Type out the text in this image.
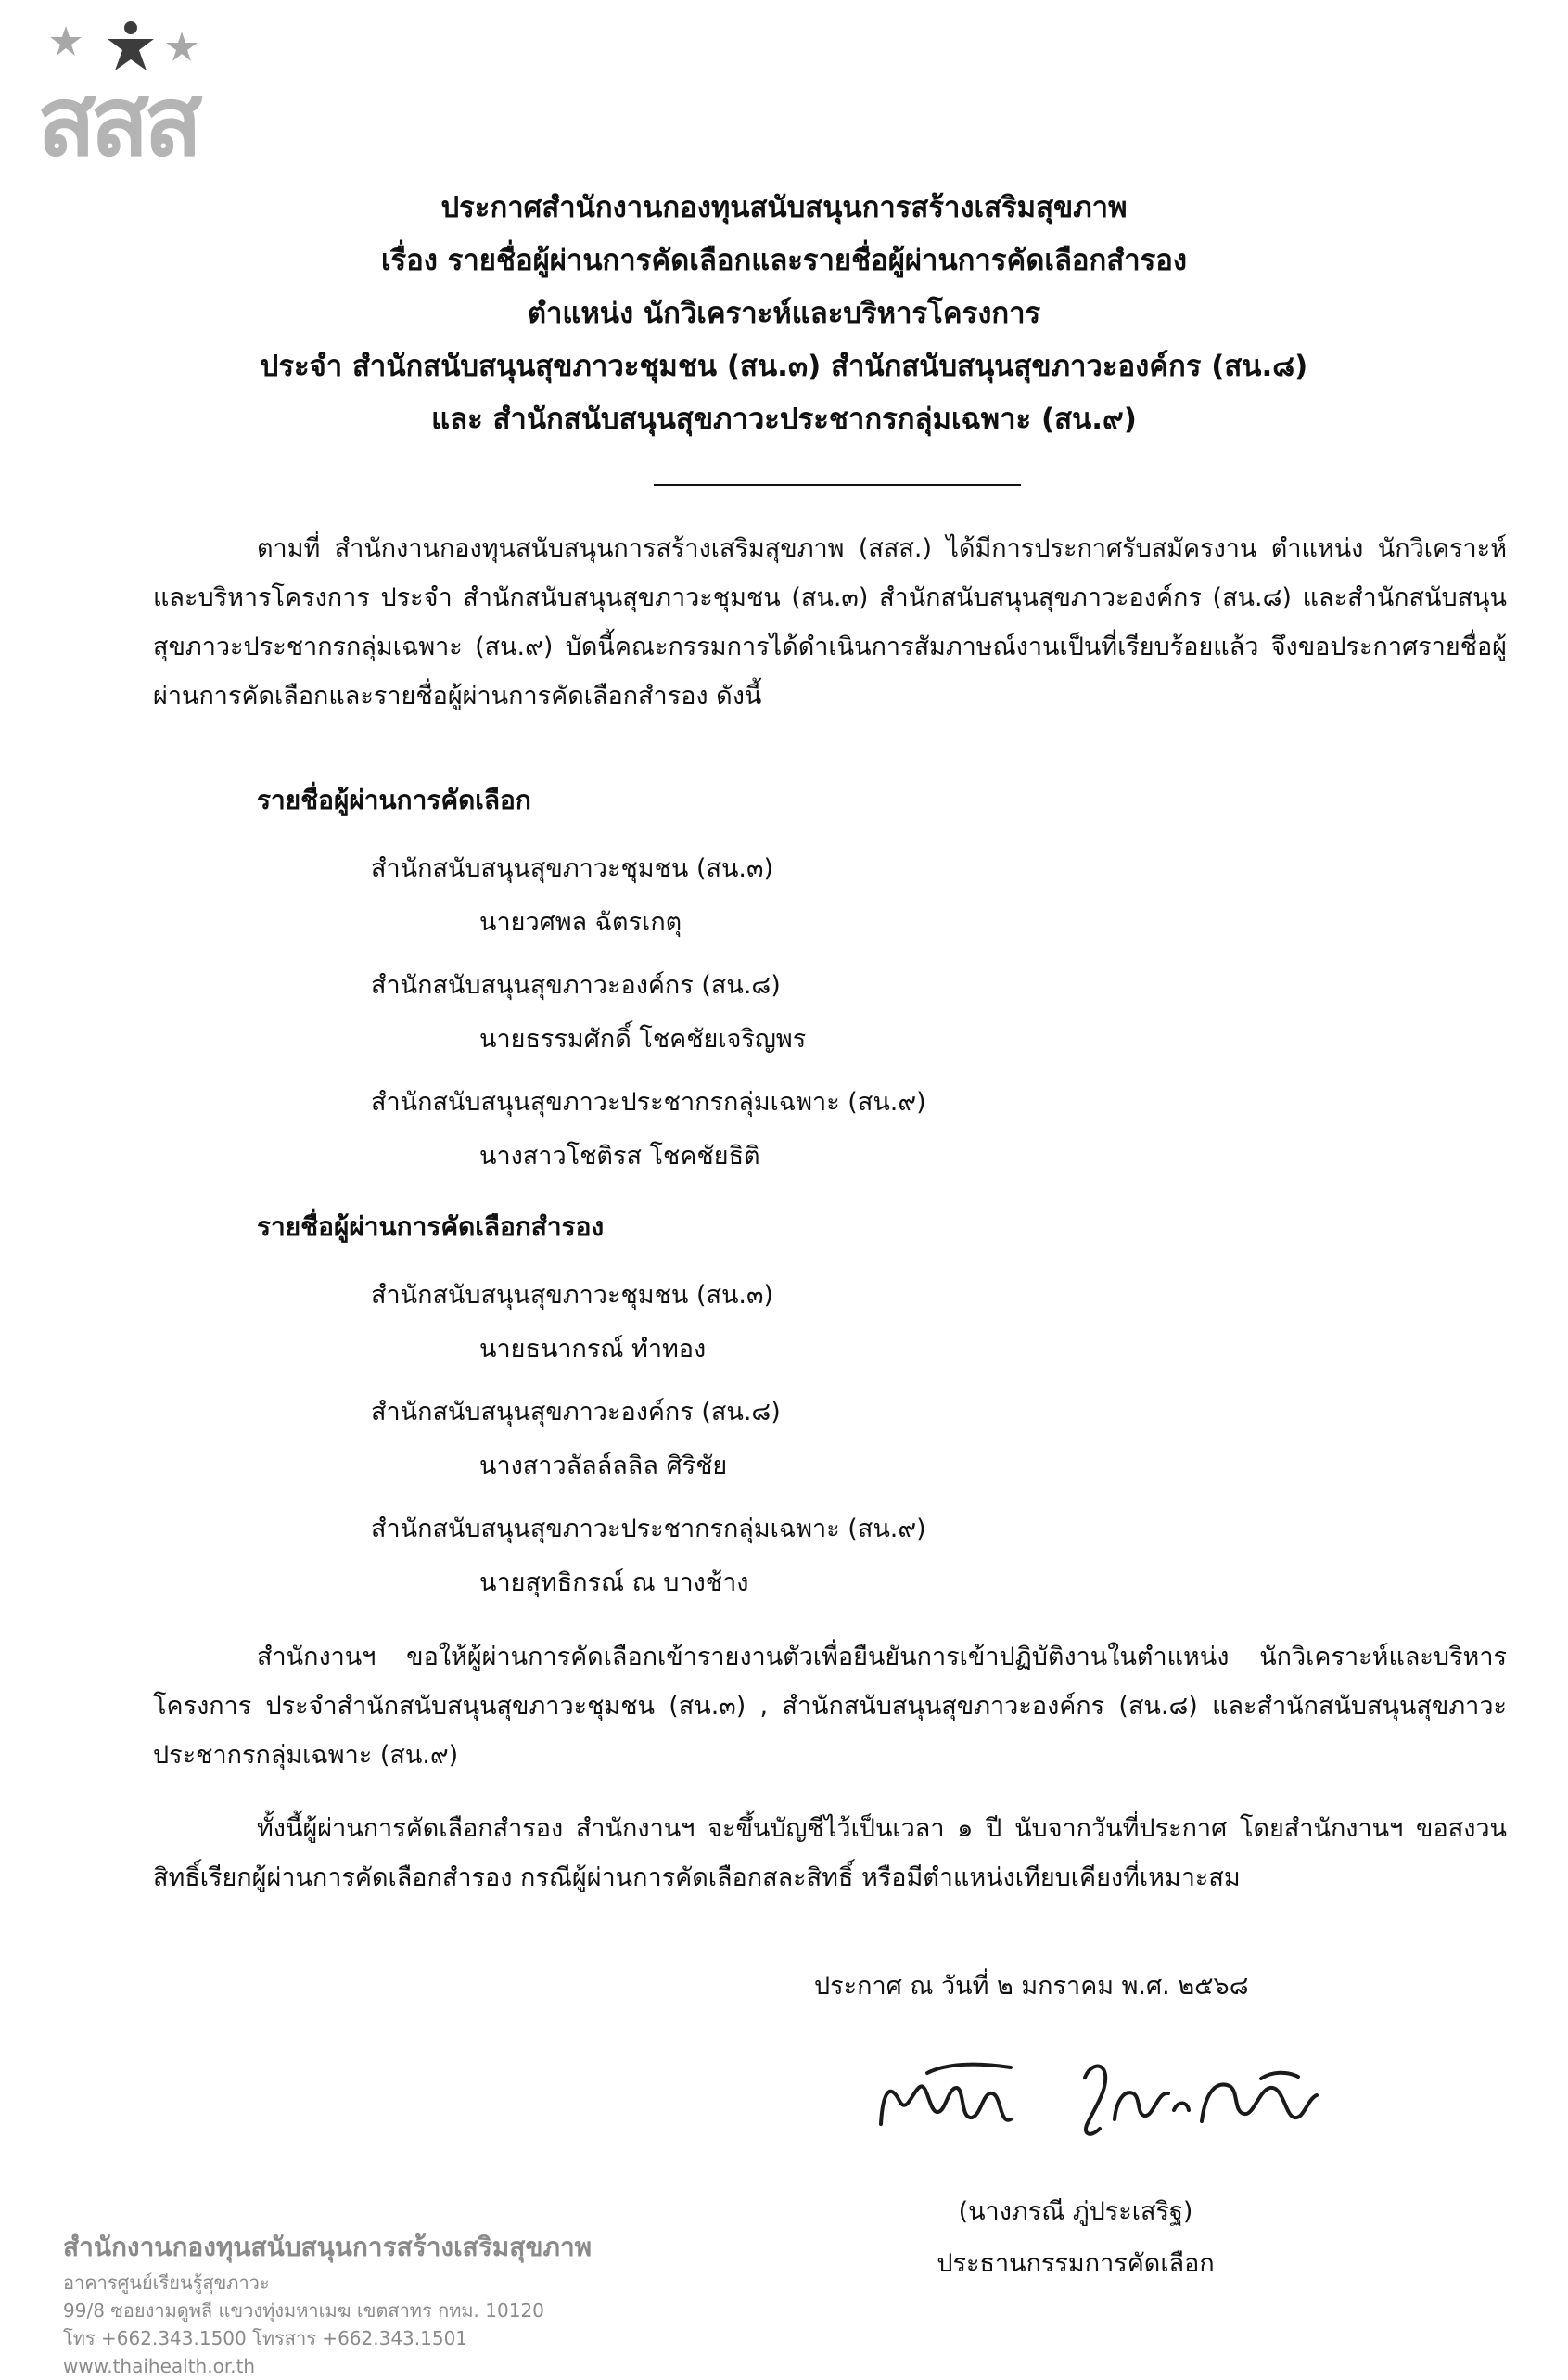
สสส
ประกาศสำนักงานกองทุนสนับสนุนการสร้างเสริมสุขภาพ
เรื่อง รายชื่อผู้ผ่านการคัดเลือกและรายชื่อผู้ผ่านการคัดเลือกสำรอง
ตำแหน่ง นักวิเคราะห์และบริหารโครงการ
ประจำ สำนักสนับสนุนสุขภาวะชุมชน (สน.๓) สำนักสนับสนุนสุขภาวะองค์กร (สน.๘)
และ สำนักสนับสนุนสุขภาวะประชากรกลุ่มเฉพาะ (สน.๙)
ตามที่ สำนักงานกองทุนสนับสนุนการสร้างเสริมสุขภาพ (สสส.) ได้มีการประกาศรับสมัครงาน ตำแหน่ง นักวิเคราะห์และบริหารโครงการ ประจำ สำนักสนับสนุนสุขภาวะชุมชน (สน.๓) สำนักสนับสนุนสุขภาวะองค์กร (สน.๘) และสำนักสนับสนุนสุขภาวะประชากรกลุ่มเฉพาะ (สน.๙) บัดนี้คณะกรรมการได้ดำเนินการสัมภาษณ์งานเป็นที่เรียบร้อยแล้ว จึงขอประกาศรายชื่อผู้ผ่านการคัดเลือกและรายชื่อผู้ผ่านการคัดเลือกสำรอง ดังนี้
รายชื่อผู้ผ่านการคัดเลือก
สำนักสนับสนุนสุขภาวะชุมชน (สน.๓)
นายวศพล ฉัตรเกตุ
สำนักสนับสนุนสุขภาวะองค์กร (สน.๘)
นายธรรมศักดิ์ โชคชัยเจริญพร
สำนักสนับสนุนสุขภาวะประชากรกลุ่มเฉพาะ (สน.๙)
นางสาวโชติรส โชคชัยธิติ
รายชื่อผู้ผ่านการคัดเลือกสำรอง
สำนักสนับสนุนสุขภาวะชุมชน (สน.๓)
นายธนากรณ์ ทำทอง
สำนักสนับสนุนสุขภาวะองค์กร (สน.๘)
นางสาวลัลล์ลลิล ศิริชัย
สำนักสนับสนุนสุขภาวะประชากรกลุ่มเฉพาะ (สน.๙)
นายสุทธิกรณ์ ณ บางช้าง
สำนักงานฯ ขอให้ผู้ผ่านการคัดเลือกเข้ารายงานตัวเพื่อยืนยันการเข้าปฏิบัติงานในตำแหน่ง นักวิเคราะห์และบริหารโครงการ ประจำสำนักสนับสนุนสุขภาวะชุมชน (สน.๓) , สำนักสนับสนุนสุขภาวะองค์กร (สน.๘) และสำนักสนับสนุนสุขภาวะประชากรกลุ่มเฉพาะ (สน.๙)
ทั้งนี้ผู้ผ่านการคัดเลือกสำรอง สำนักงานฯ จะขึ้นบัญชีไว้เป็นเวลา ๑ ปี นับจากวันที่ประกาศ โดยสำนักงานฯ ขอสงวนสิทธิ์เรียกผู้ผ่านการคัดเลือกสำรอง กรณีผู้ผ่านการคัดเลือกสละสิทธิ์ หรือมีตำแหน่งเทียบเคียงที่เหมาะสม
ประกาศ ณ วันที่ ๒ มกราคม พ.ศ. ๒๕๖๘
(นางภรณี ภู่ประเสริฐ)
ประธานกรรมการคัดเลือก
สำนักงานกองทุนสนับสนุนการสร้างเสริมสุขภาพ
อาคารศูนย์เรียนรู้สุขภาวะ
99/8 ซอยงามดูพลี แขวงทุ่งมหาเมฆ เขตสาทร กทม. 10120
โทร +662.343.1500 โทรสาร +662.343.1501
www.thaihealth.or.th
